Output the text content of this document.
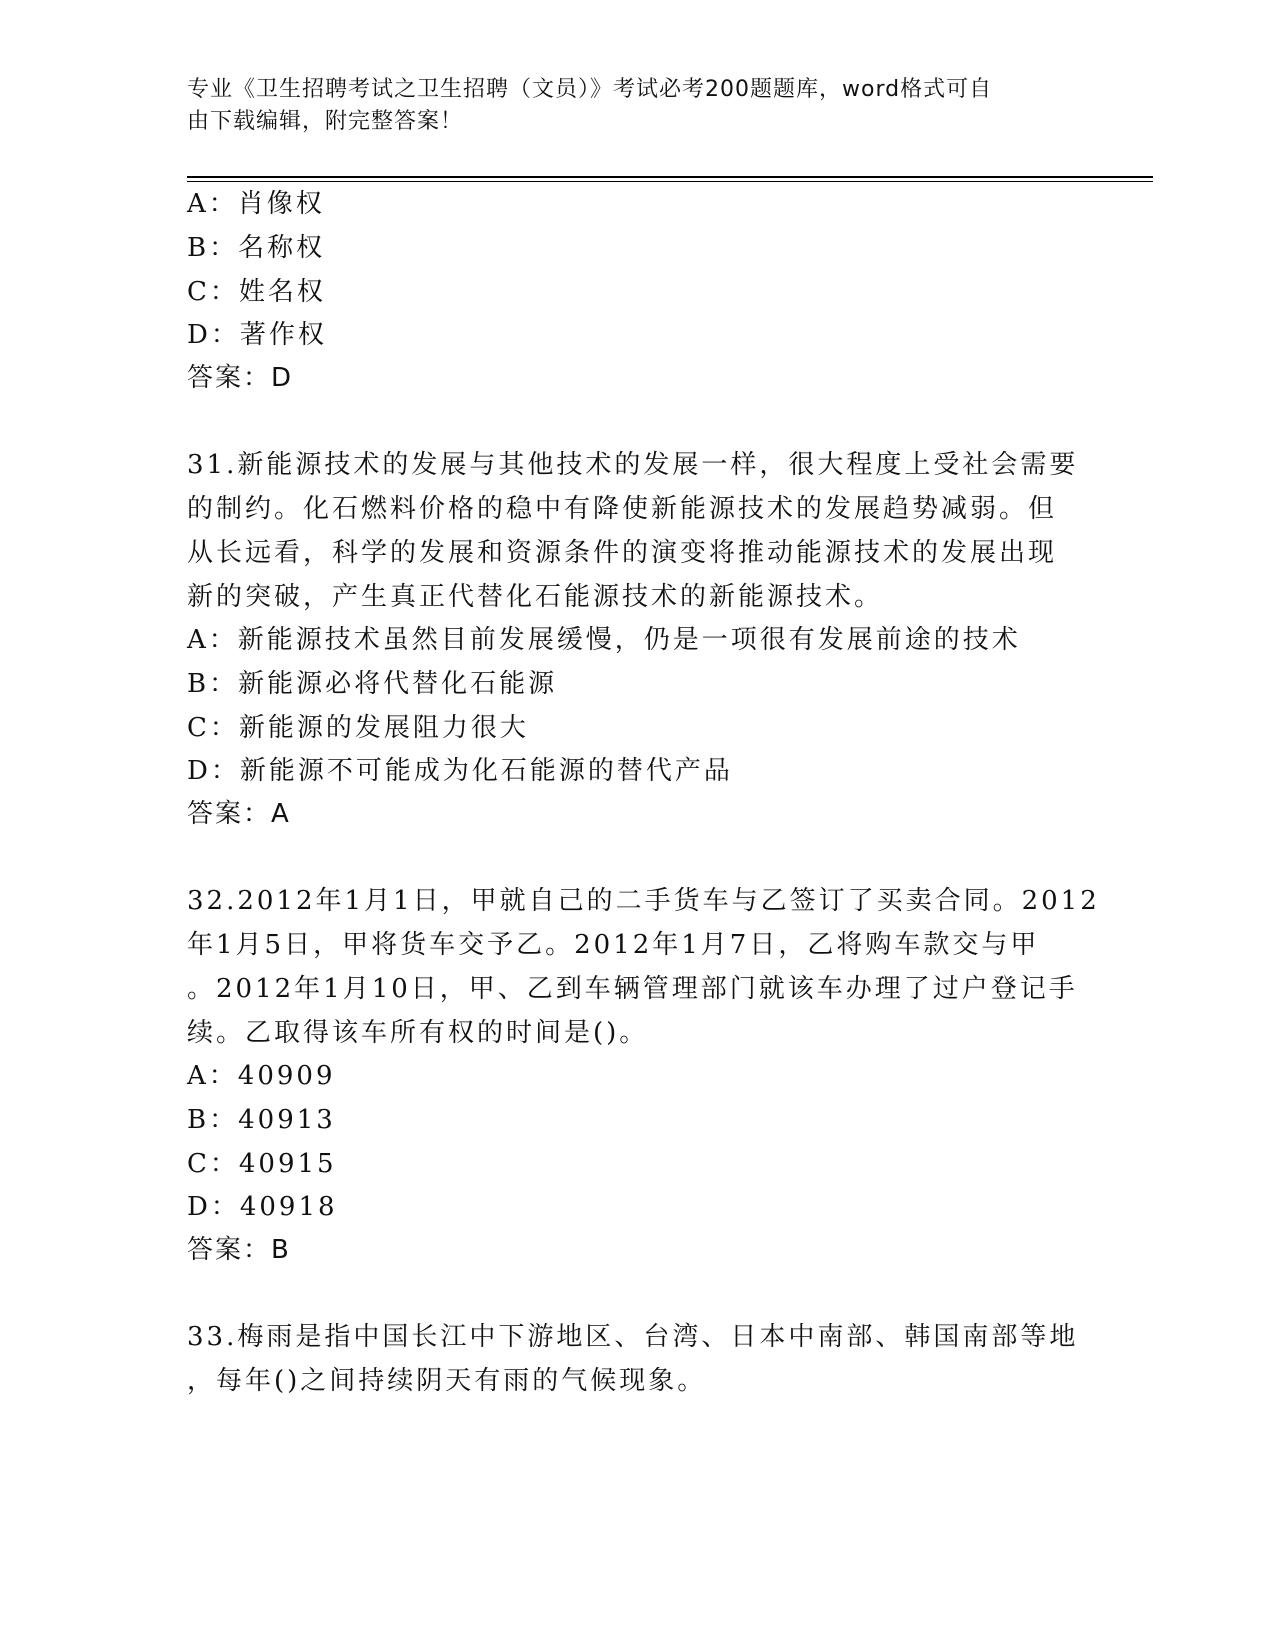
专业《卫生招聘考试之卫生招聘（文员）》考试必考200题题库，word格式可自
由下载编辑，附完整答案！
A：肖像权
B：名称权
C：姓名权
D：著作权
答案：D
31.新能源技术的发展与其他技术的发展一样，很大程度上受社会需要
的制约。化石燃料价格的稳中有降使新能源技术的发展趋势减弱。但
从长远看，科学的发展和资源条件的演变将推动能源技术的发展出现
新的突破，产生真正代替化石能源技术的新能源技术。
A：新能源技术虽然目前发展缓慢，仍是一项很有发展前途的技术
B：新能源必将代替化石能源
C：新能源的发展阻力很大
D：新能源不可能成为化石能源的替代产品
答案：A
32.2012年1月1日，甲就自己的二手货车与乙签订了买卖合同。2012
年1月5日，甲将货车交予乙。2012年1月7日，乙将购车款交与甲
。2012年1月10日，甲、乙到车辆管理部门就该车办理了过户登记手
续。乙取得该车所有权的时间是()。
A：40909
B：40913
C：40915
D：40918
答案：B
33.梅雨是指中国长江中下游地区、台湾、日本中南部、韩国南部等地
，每年()之间持续阴天有雨的气候现象。
